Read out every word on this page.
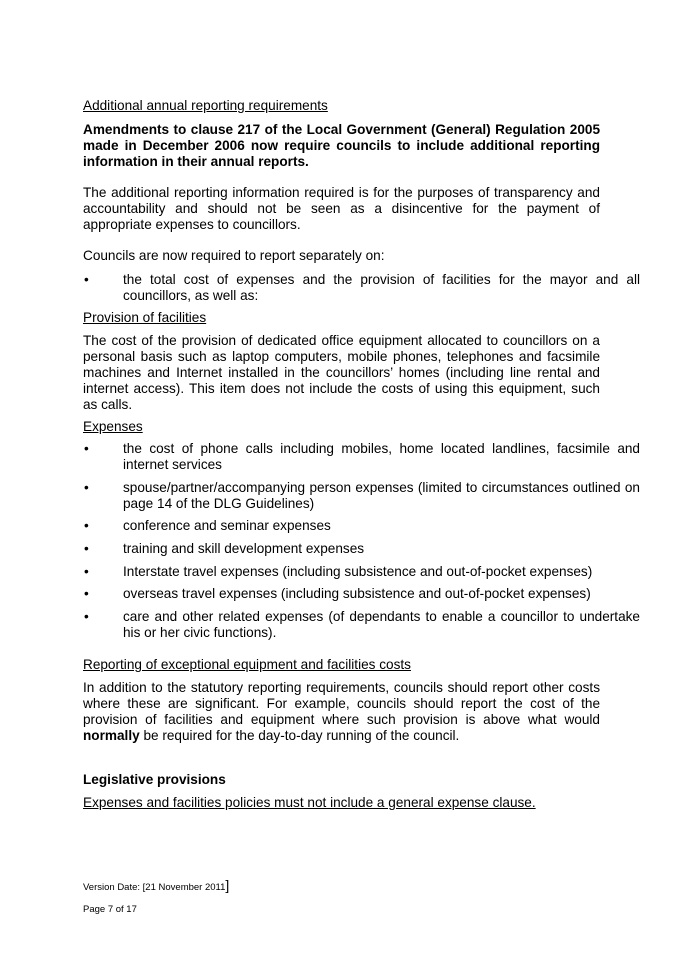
Additional annual reporting requirements

Amendments to clause 217 of the Local Government (General) Regulation 2005 made in December 2006 now require councils to include additional reporting information in their annual reports.

The additional reporting information required is for the purposes of transparency and accountability and should not be seen as a disincentive for the payment of appropriate expenses to councillors.

Councils are now required to report separately on:

•	the total cost of expenses and the provision of facilities for the mayor and all councillors, as well as:

Provision of facilities

The cost of the provision of dedicated office equipment allocated to councillors on a personal basis such as laptop computers, mobile phones, telephones and facsimile machines and Internet installed in the councillors’ homes (including line rental and internet access). This item does not include the costs of using this equipment, such as calls.

Expenses

•	the cost of phone calls including mobiles, home located landlines, facsimile and internet services
•	spouse/partner/accompanying person expenses (limited to circumstances outlined on page 14 of the DLG Guidelines)
•	conference and seminar expenses
•	training and skill development expenses
•	Interstate travel expenses (including subsistence and out-of-pocket expenses)
•	overseas travel expenses (including subsistence and out-of-pocket expenses)
•	care and other related expenses (of dependants to enable a councillor to undertake his or her civic functions).

Reporting of exceptional equipment and facilities costs

In addition to the statutory reporting requirements, councils should report other costs where these are significant. For example, councils should report the cost of the provision of facilities and equipment where such provision is above what would normally be required for the day-to-day running of the council.

Legislative provisions

Expenses and facilities policies must not include a general expense clause.

Version Date: [21 November 2011]

Page 7 of 17
